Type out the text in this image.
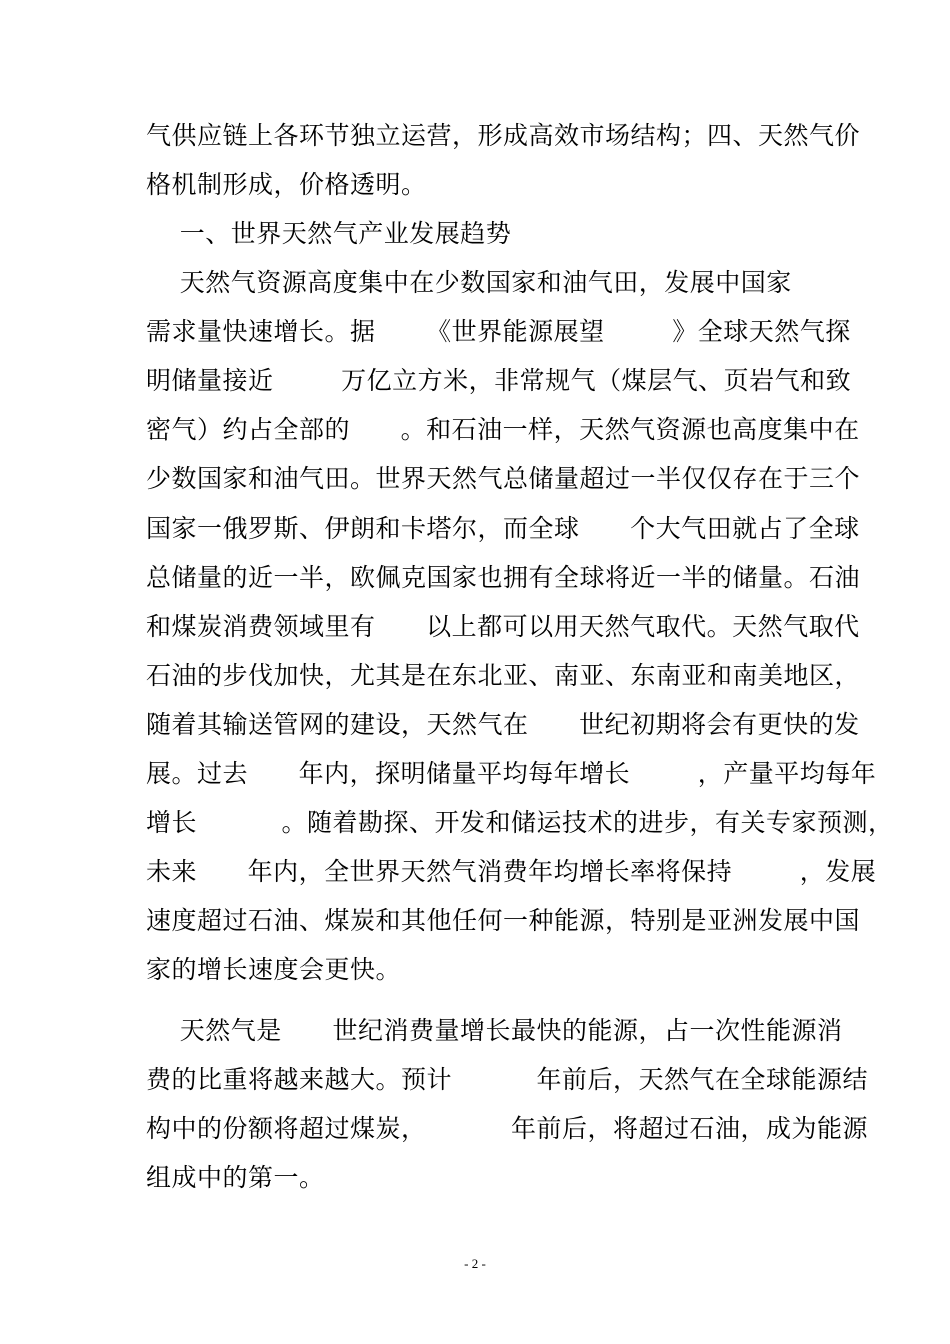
气供应链上各环节独立运营，形成高效市场结构；四、天然气价
格机制形成，价格透明。
一、世界天然气产业发展趋势
天然气资源高度集中在少数国家和油气田，发展中国家
需求量快速增长。据      《世界能源展望        》全球天然气探
明储量接近        万亿立方米，非常规气（煤层气、页岩气和致
密气）约占全部的      。和石油一样，天然气资源也高度集中在
少数国家和油气田。世界天然气总储量超过一半仅仅存在于三个
国家一俄罗斯、伊朗和卡塔尔，而全球      个大气田就占了全球
总储量的近一半，欧佩克国家也拥有全球将近一半的储量。石油
和煤炭消费领域里有      以上都可以用天然气取代。天然气取代
石油的步伐加快，尤其是在东北亚、南亚、东南亚和南美地区，
随着其输送管网的建设，天然气在      世纪初期将会有更快的发
展。过去      年内，探明储量平均每年增长        ，产量平均每年
增长          。随着勘探、开发和储运技术的进步，有关专家预测，
未来      年内，全世界天然气消费年均增长率将保持        ，发展
速度超过石油、煤炭和其他任何一种能源，特别是亚洲发展中国
家的增长速度会更快。
天然气是      世纪消费量增长最快的能源，占一次性能源消
费的比重将越来越大。预计          年前后，天然气在全球能源结
构中的份额将超过煤炭，          年前后，将超过石油，成为能源
组成中的第一。
- 2 -
